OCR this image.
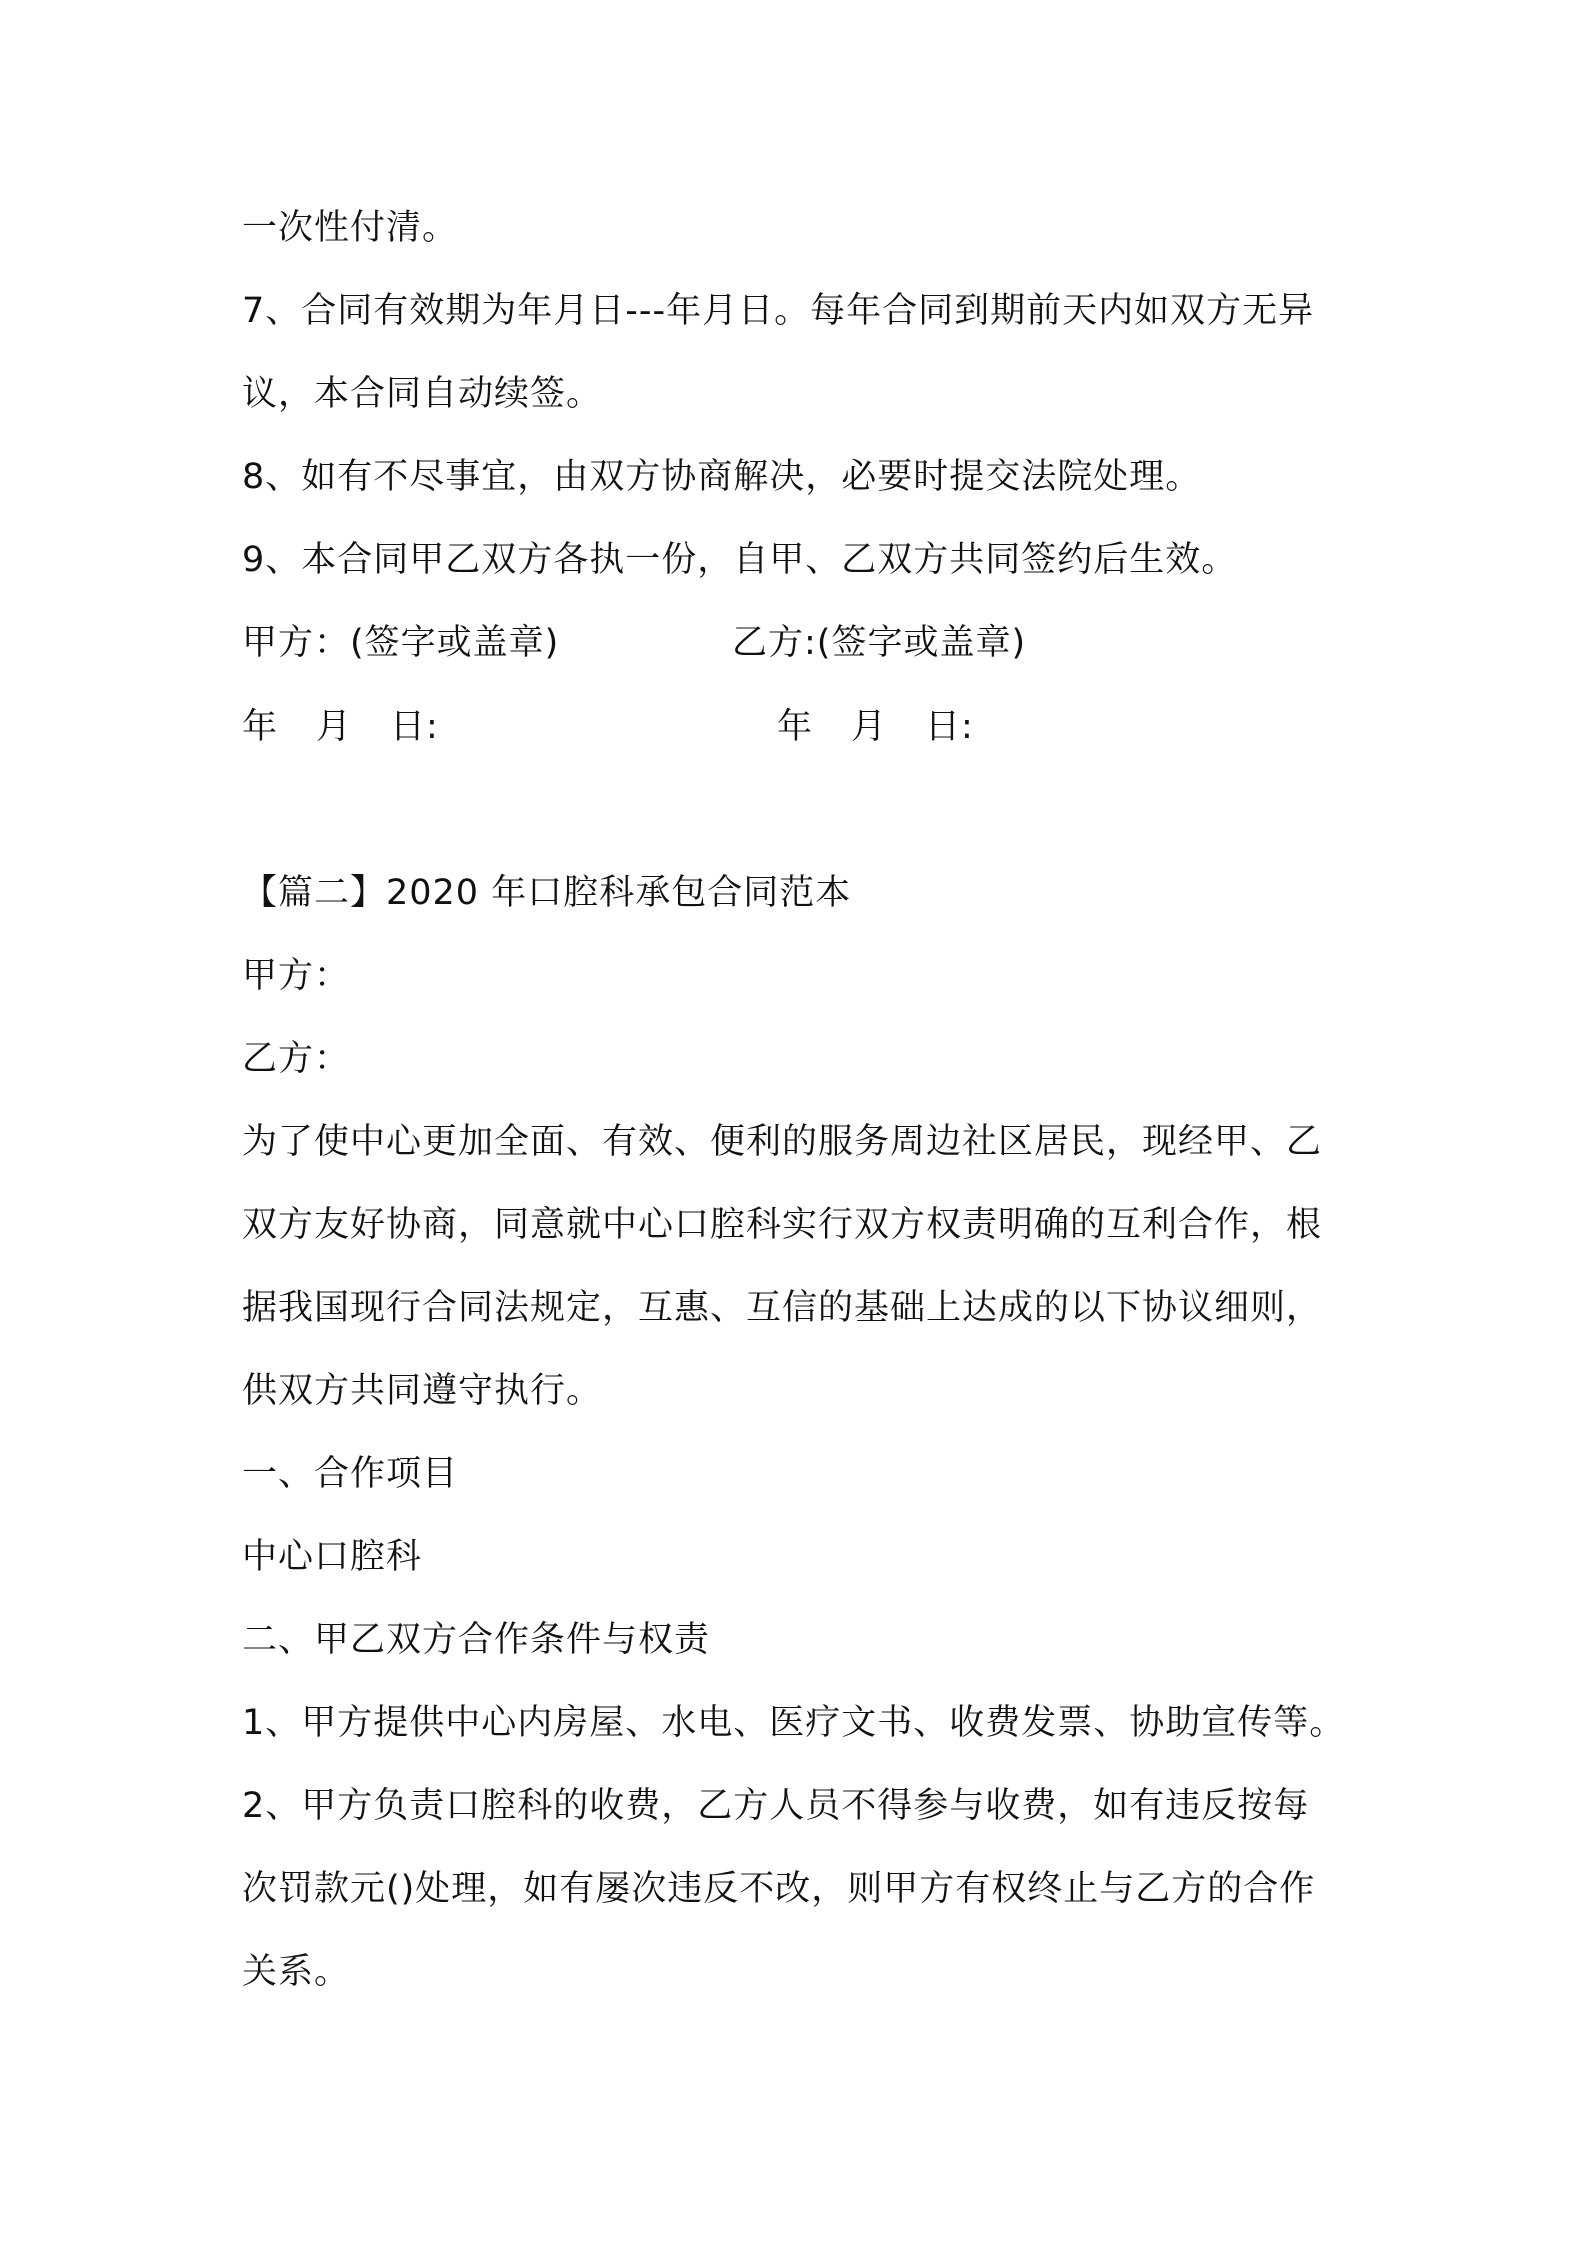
一次性付清。
7、合同有效期为年月日---年月日。每年合同到期前天内如双方无异
议，本合同自动续签。
8、如有不尽事宜，由双方协商解决，必要时提交法院处理。
9、本合同甲乙双方各执一份，自甲、乙双方共同签约后生效。
甲方：(签字或盖章)	乙方:(签字或盖章)
年 月 日:	年 月 日:
【篇二】2020 年口腔科承包合同范本
甲方：
乙方：
为了使中心更加全面、有效、便利的服务周边社区居民，现经甲、乙
双方友好协商，同意就中心口腔科实行双方权责明确的互利合作，根
据我国现行合同法规定，互惠、互信的基础上达成的以下协议细则，
供双方共同遵守执行。
一、合作项目
中心口腔科
二、甲乙双方合作条件与权责
1、甲方提供中心内房屋、水电、医疗文书、收费发票、协助宣传等。
2、甲方负责口腔科的收费，乙方人员不得参与收费，如有违反按每
次罚款元()处理，如有屡次违反不改，则甲方有权终止与乙方的合作
关系。
